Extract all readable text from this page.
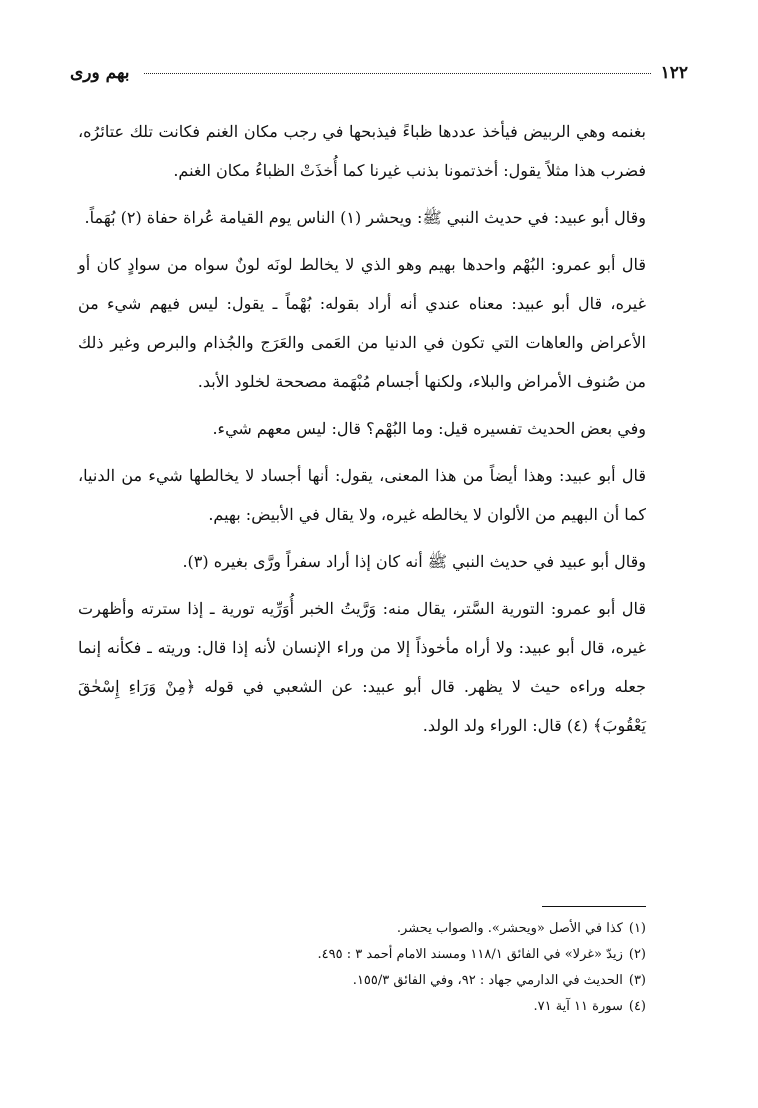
١٢٢
بهم ورى

بغنمه وهي الربيض فيأخذ عددها ظباءً فيذبحها في رجب مكان الغنم فكانت تلك عتائرُه، فضرب هذا مثلاً يقول: أخذتمونا بذنب غيرنا كما أُخذَتْ الظباءُ مكان الغنم.

وقال أبو عبيد: في حديث النبي ﷺ: ويحشر (١) الناس يوم القيامة عُراة حفاة (٢) بُهَماً.

قال أبو عمرو: البُهْم واحدها بهيم وهو الذي لا يخالط لونَه لونٌ سواه من سوادٍ كان أو غيره، قال أبو عبيد: معناه عندي أنه أراد بقوله: بُهْماً ـ يقول: ليس فيهم شيء من الأعراض والعاهات التي تكون في الدنيا من العَمى والعَرَج والجُذام والبرص وغير ذلك من صُنوف الأمراض والبلاء، ولكنها أجسام مُبْهَمة مصححة لخلود الأبد.

وفي بعض الحديث تفسيره قيل: وما البُهْم؟ قال: ليس معهم شيء.

قال أبو عبيد: وهذا أيضاً من هذا المعنى، يقول: أنها أجساد لا يخالطها شيء من الدنيا، كما أن البهيم من الألوان لا يخالطه غيره، ولا يقال في الأبيض: بهيم.

وقال أبو عبيد في حديث النبي ﷺ أنه كان إذا أراد سفراً ورَّى بغيره (٣).

قال أبو عمرو: التورية السَّتر، يقال منه: وَرَّيتُ الخبر أُوَرِّيه تورية ـ إذا سترته وأظهرت غيره، قال أبو عبيد: ولا أراه مأخوذاً إلا من وراء الإنسان لأنه إذا قال: وريته ـ فكأنه إنما جعله وراءه حيث لا يظهر. قال أبو عبيد: عن الشعبي في قوله ﴿مِنْ وَرَاءِ إِسْحٰقَ يَعْقُوبَ﴾ (٤) قال: الوراء ولد الولد.

(١)كذا في الأصل «ويحشر». والصواب يحشر.

(٢)زيدّ «غرلا» في الفائق ١١٨/١ ومسند الامام أحمد ٣ : ٤٩٥.

(٣)الحديث في الدارمي جهاد : ٩٢، وفي الفائق ١٥٥/٣.

(٤)سورة ١١ آية ٧١.
